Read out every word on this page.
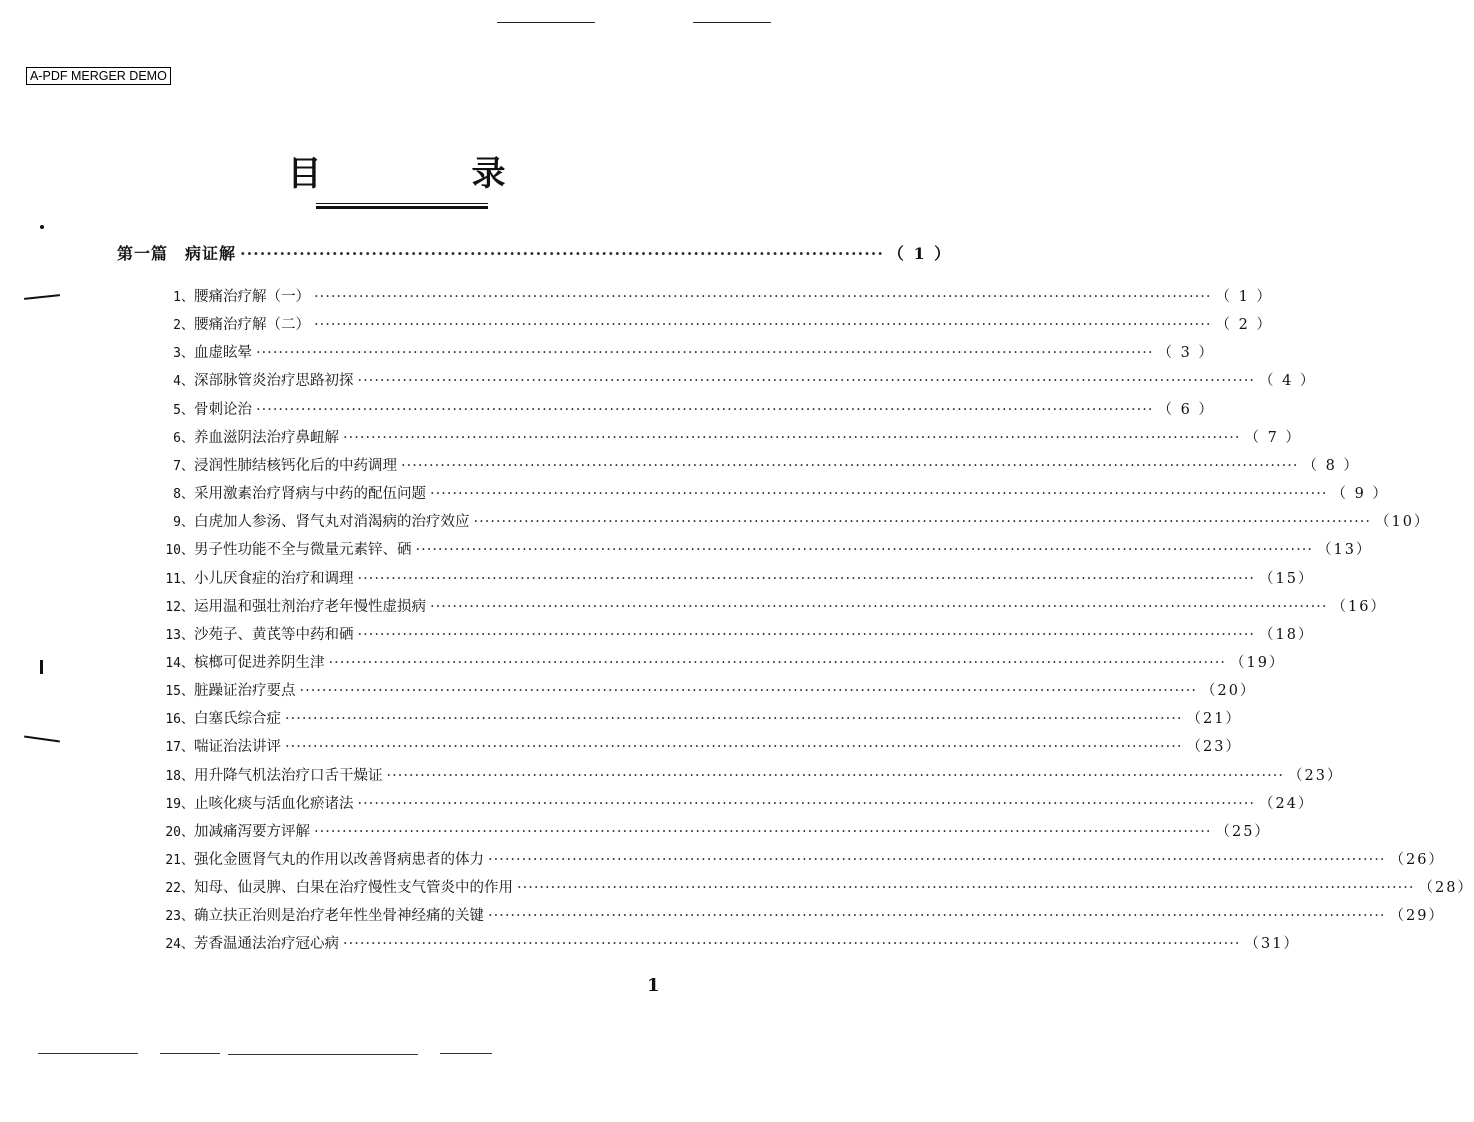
A-PDF MERGER DEMO
目　录
第一篇　病证解 ·································································································· （ 1 ）
1、腰痛治疗解（一） ································································································································································ （ 1 ）
2、腰痛治疗解（二） ································································································································································ （ 2 ）
3、血虚眩晕 ································································································································································ （ 3 ）
4、深部脉管炎治疗思路初探 ································································································································································ （ 4 ）
5、骨刺论治 ································································································································································ （ 6 ）
6、养血滋阴法治疗鼻衄解 ································································································································································ （ 7 ）
7、浸润性肺结核钙化后的中药调理 ································································································································································ （ 8 ）
8、采用激素治疗肾病与中药的配伍问题 ································································································································································ （ 9 ）
9、白虎加人参汤、肾气丸对消渴病的治疗效应 ································································································································································ （10）
10、男子性功能不全与微量元素锌、硒 ································································································································································ （13）
11、小儿厌食症的治疗和调理 ································································································································································ （15）
12、运用温和强壮剂治疗老年慢性虚损病 ································································································································································ （16）
13、沙苑子、黄芪等中药和硒 ································································································································································ （18）
14、槟榔可促进养阴生津 ································································································································································ （19）
15、脏躁证治疗要点 ································································································································································ （20）
16、白塞氏综合症 ································································································································································ （21）
17、喘证治法讲评 ································································································································································ （23）
18、用升降气机法治疗口舌干燥证 ································································································································································ （23）
19、止咳化痰与活血化瘀诸法 ································································································································································ （24）
20、加减痛泻要方评解 ································································································································································ （25）
21、强化金匮肾气丸的作用以改善肾病患者的体力 ································································································································································ （26）
22、知母、仙灵脾、白果在治疗慢性支气管炎中的作用 ································································································································································ （28）
23、确立扶正治则是治疗老年性坐骨神经痛的关键 ································································································································································ （29）
24、芳香温通法治疗冠心病 ································································································································································ （31）
1
